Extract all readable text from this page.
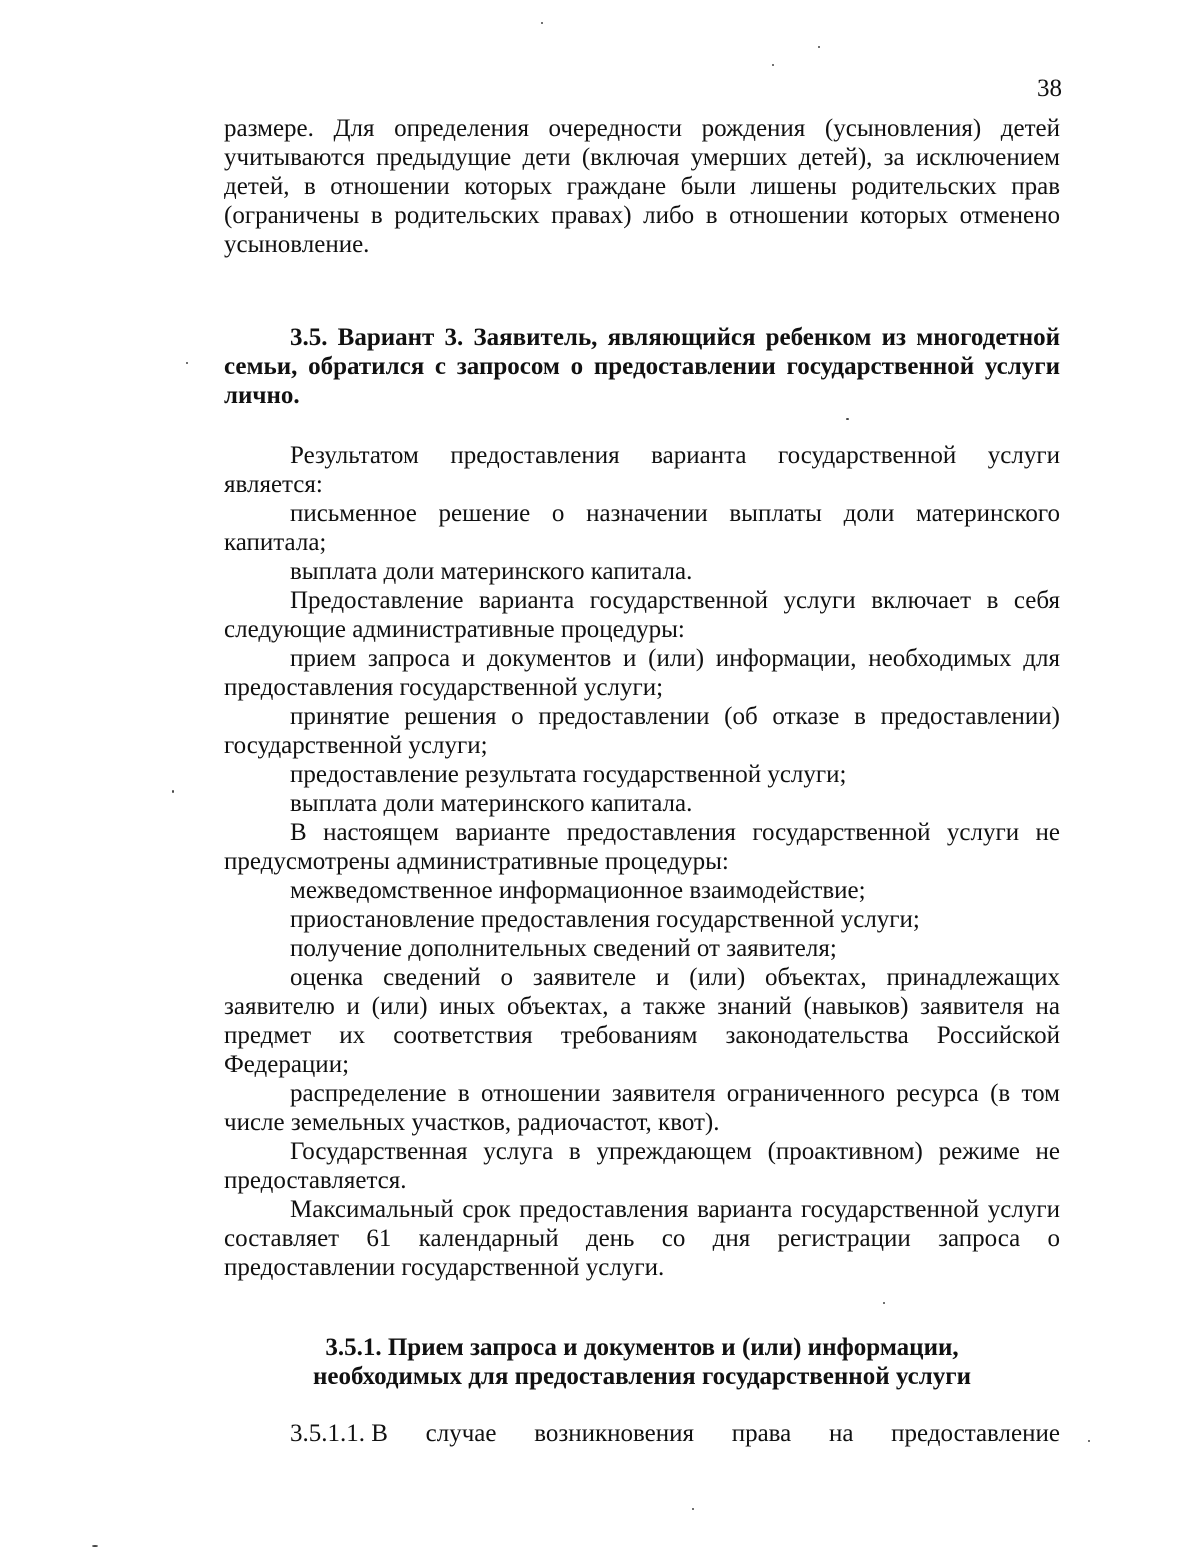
38

размере. Для определения очередности рождения (усыновления) детей учитываются предыдущие дети (включая умерших детей), за исключением детей, в отношении которых граждане были лишены родительских прав (ограничены в родительских правах) либо в отношении которых отменено усыновление.

3.5. Вариант 3. Заявитель, являющийся ребенком из многодетной семьи, обратился с запросом о предоставлении государственной услуги лично.

Результатом предоставления варианта государственной услуги является:

письменное решение о назначении выплаты доли материнского капитала;

выплата доли материнского капитала.

Предоставление варианта государственной услуги включает в себя следующие административные процедуры:

прием запроса и документов и (или) информации, необходимых для предоставления государственной услуги;

принятие решения о предоставлении (об отказе в предоставлении) государственной услуги;

предоставление результата государственной услуги;

выплата доли материнского капитала.

В настоящем варианте предоставления государственной услуги не предусмотрены административные процедуры:

межведомственное информационное взаимодействие;

приостановление предоставления государственной услуги;

получение дополнительных сведений от заявителя;

оценка сведений о заявителе и (или) объектах, принадлежащих заявителю и (или) иных объектах, а также знаний (навыков) заявителя на предмет их соответствия требованиям законодательства Российской Федерации;

распределение в отношении заявителя ограниченного ресурса (в том числе земельных участков, радиочастот, квот).

Государственная услуга в упреждающем (проактивном) режиме не предоставляется.

Максимальный срок предоставления варианта государственной услуги составляет 61 календарный день со дня регистрации запроса о предоставлении государственной услуги.

3.5.1. Прием запроса и документов и (или) информации,
необходимых для предоставления государственной услуги
3.5.1.1. В случае возникновения права на предоставление
